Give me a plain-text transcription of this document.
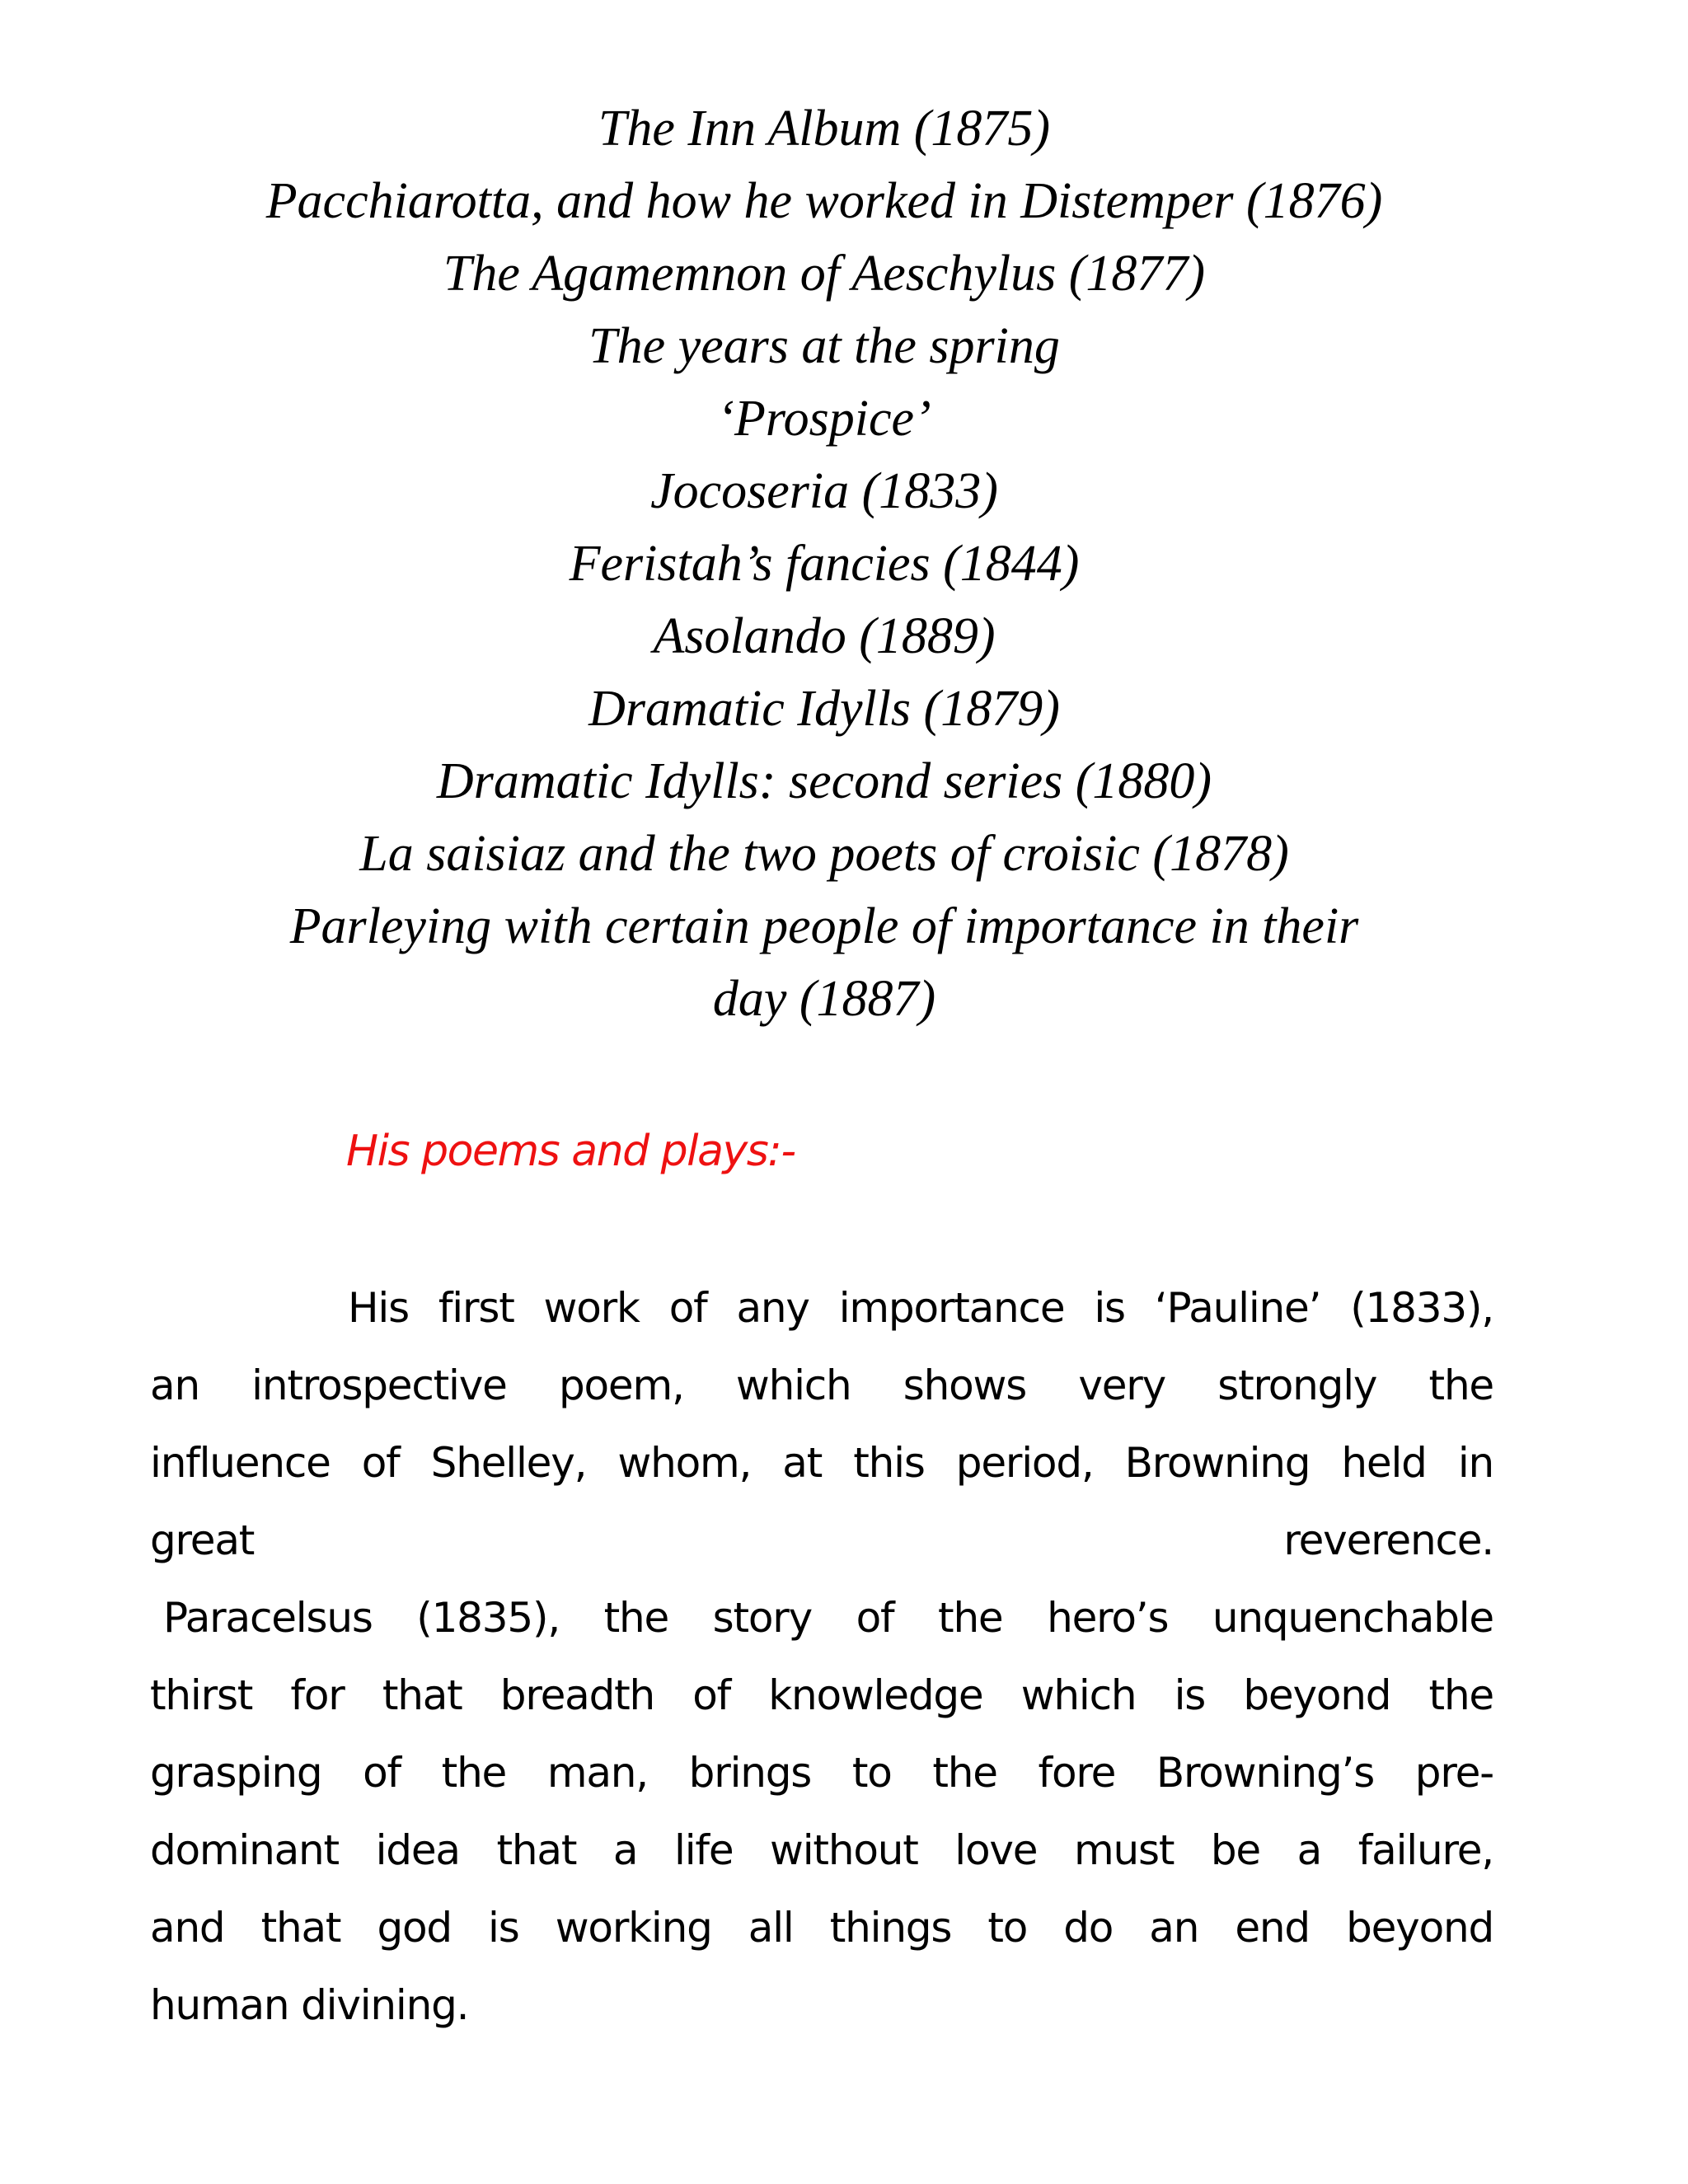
The Inn Album (1875)
Pacchiarotta, and how he worked in Distemper (1876)
The Agamemnon of Aeschylus (1877)
The years at the spring
‘Prospice’
Jocoseria (1833)
Feristah’s fancies (1844)
Asolando (1889)
Dramatic Idylls (1879)
Dramatic Idylls: second series (1880)
La saisiaz and the two poets of croisic (1878)
Parleying with certain people of importance in their day (1887)
His poems and plays:-

His first work of any importance is ‘Pauline’ (1833),
an introspective poem, which shows very strongly the
influence of Shelley, whom, at this period, Browning held in
great reverence.
Paracelsus (1835), the story of the hero’s unquenchable
thirst for that breadth of knowledge which is beyond the
grasping of the man, brings to the fore Browning’s pre-
dominant idea that a life without love must be a failure,
and that god is working all things to do an end beyond
human divining.
